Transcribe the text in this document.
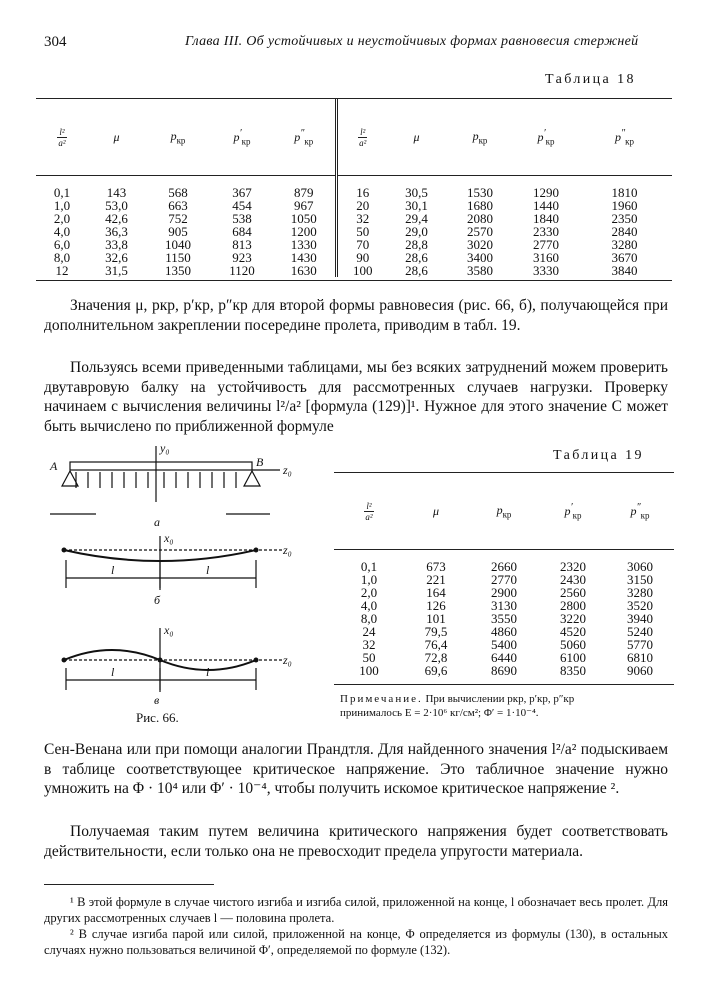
304	Глава III. Об устойчивых и неустойчивых формах равновесия стержней
Таблица 18
$\frac{\text{l²}}{\text{a²}}$	μ	$p_{кр}$	$p'_{кр}$	$p''_{кр}$	$\frac{\text{l²}}{\text{a²}}$	μ	$p_{кр}$	$p'_{кр}$	$p''_{кр}$
0,1	143	568	367	879	16	30,5	1530	1290	1810
1,0	53,0	663	454	967	20	30,1	1680	1440	1960
2,0	42,6	752	538	1050	32	29,4	2080	1840	2350
4,0	36,3	905	684	1200	50	29,0	2570	2330	2840
6,0	33,8	1040	813	1330	70	28,8	3020	2770	3280
8,0	32,6	1150	923	1430	90	28,6	3400	3160	3670
12	31,5	1350	1120	1630	100	28,6	3580	3330	3840

Значения μ, pкр, p′кр, p″кр для второй формы равновесия (рис. 66, б), получающейся при дополнительном закреплении посередине пролета, приводим в табл. 19.

Пользуясь всеми приведенными таблицами, мы без всяких затруднений можем проверить двутавровую балку на устойчивость для рассмотренных случаев нагрузки. Проверку начинаем с вычисления величины l²/a² [формула (129)]¹. Нужное для этого значение C может быть вычислено по приближенной формуле

y₀
A	B
z₀
x₀
z₀
l	l
x₀
z₀
l	l
а
б
в
Рис. 66.
Таблица 19
$\frac{\text{l²}}{\text{a²}}$	μ	$p_{кр}$	$p'_{кр}$	$p''_{кр}$
0,1	673	2660	2320	3060
1,0	221	2770	2430	3150
2,0	164	2900	2560	3280
4,0	126	3130	2800	3520
8,0	101	3550	3220	3940
24	79,5	4860	4520	5240
32	76,4	5400	5060	5770
50	72,8	6440	6100	6810
100	69,6	8690	8350	9060
Примечание. При вычислении pкр, p′кр, p″кр
принималось E = 2·10⁶ кг/см²; Φ′ = 1·10⁻⁴.

Сен-Венана или при помощи аналогии Прандтля. Для найденного значения l²/a² подыскиваем в таблице соответствующее критическое напряжение. Это табличное значение нужно умножить на Φ · 10⁴ или Φ′ · 10⁻⁴, чтобы получить искомое критическое напряжение ².

Получаемая таким путем величина критического напряжения будет соответствовать действительности, если только она не превосходит предела упругости материала.

¹ В этой формуле в случае чистого изгиба и изгиба силой, приложенной на конце, l обозначает весь пролет. Для других рассмотренных случаев l — половина пролета.

² В случае изгиба парой или силой, приложенной на конце, Φ определяется из формулы (130), в остальных случаях нужно пользоваться величиной Φ′, определяемой по формуле (132).
